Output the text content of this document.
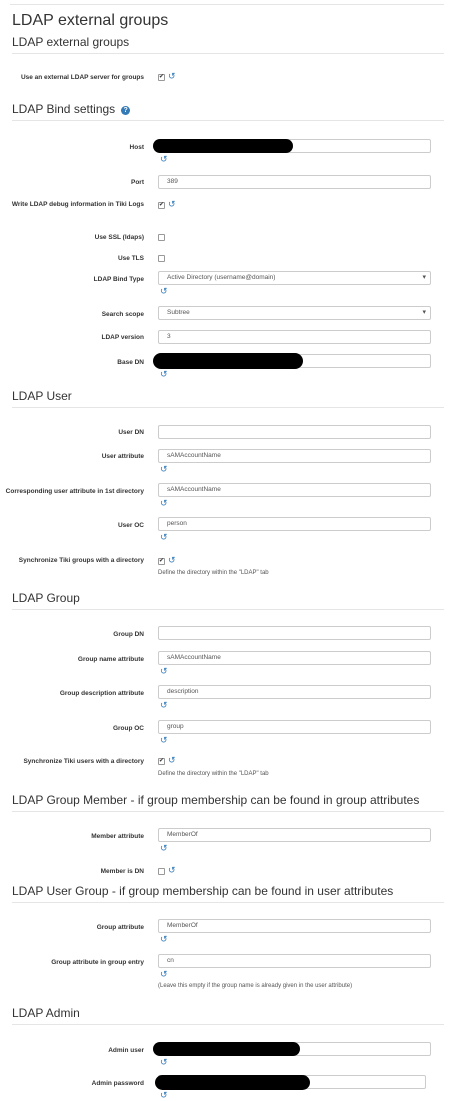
LDAP external groups
LDAP external groups
Use an external LDAP server for groups	✔ ↺
LDAP Bind settings ?
Host
↺
Port	389
Write LDAP debug information in Tiki Logs	✔ ↺
Use SSL (ldaps)
Use TLS
LDAP Bind Type	Active Directory (username@domain) ▾
↺
Search scope	Subtree ▾
LDAP version	3
Base DN
↺
LDAP User
User DN
User attribute	sAMAccountName
↺
Corresponding user attribute in 1st directory	sAMAccountName
↺
User OC	person
↺
Synchronize Tiki groups with a directory	✔ ↺
Define the directory within the "LDAP" tab
LDAP Group
Group DN
Group name attribute	sAMAccountName
↺
Group description attribute	description
↺
Group OC	group
↺
Synchronize Tiki users with a directory	✔ ↺
Define the directory within the "LDAP" tab
LDAP Group Member - if group membership can be found in group attributes
Member attribute	MemberOf
↺
Member is DN	↺
LDAP User Group - if group membership can be found in user attributes
Group attribute	MemberOf
↺
Group attribute in group entry	cn
↺
(Leave this empty if the group name is already given in the user attribute)
LDAP Admin
Admin user
↺
Admin password
↺
